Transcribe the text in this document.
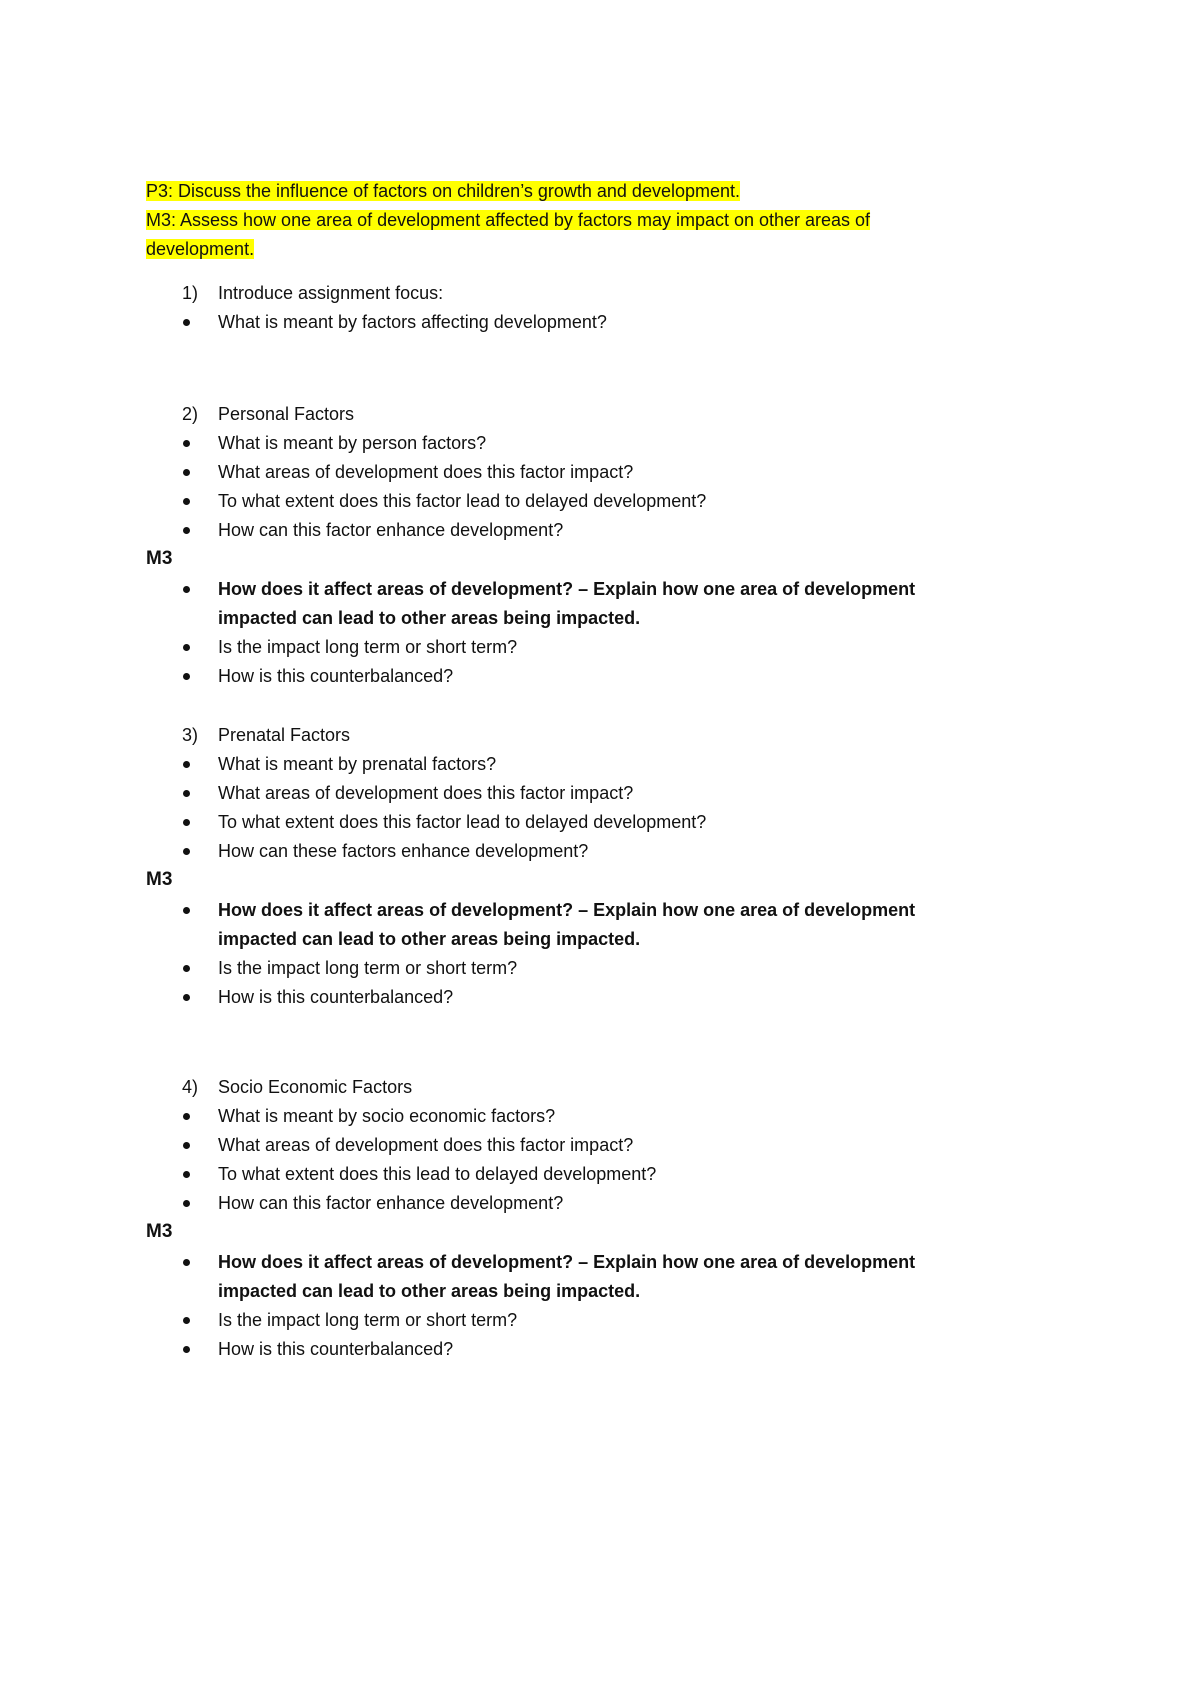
P3: Discuss the influence of factors on children’s growth and development.
M3: Assess how one area of development affected by factors may impact on other areas of
development.
1)	Introduce assignment focus:
What is meant by factors affecting development?
2)	Personal Factors
What is meant by person factors?
What areas of development does this factor impact?
To what extent does this factor lead to delayed development?
How can this factor enhance development?
M3
How does it affect areas of development? – Explain how one area of development
impacted can lead to other areas being impacted.
Is the impact long term or short term?
How is this counterbalanced?
3)	Prenatal Factors
What is meant by prenatal factors?
What areas of development does this factor impact?
To what extent does this factor lead to delayed development?
How can these factors enhance development?
M3
How does it affect areas of development? – Explain how one area of development
impacted can lead to other areas being impacted.
Is the impact long term or short term?
How is this counterbalanced?
4)	Socio Economic Factors
What is meant by socio economic factors?
What areas of development does this factor impact?
To what extent does this lead to delayed development?
How can this factor enhance development?
M3
How does it affect areas of development? – Explain how one area of development
impacted can lead to other areas being impacted.
Is the impact long term or short term?
How is this counterbalanced?
